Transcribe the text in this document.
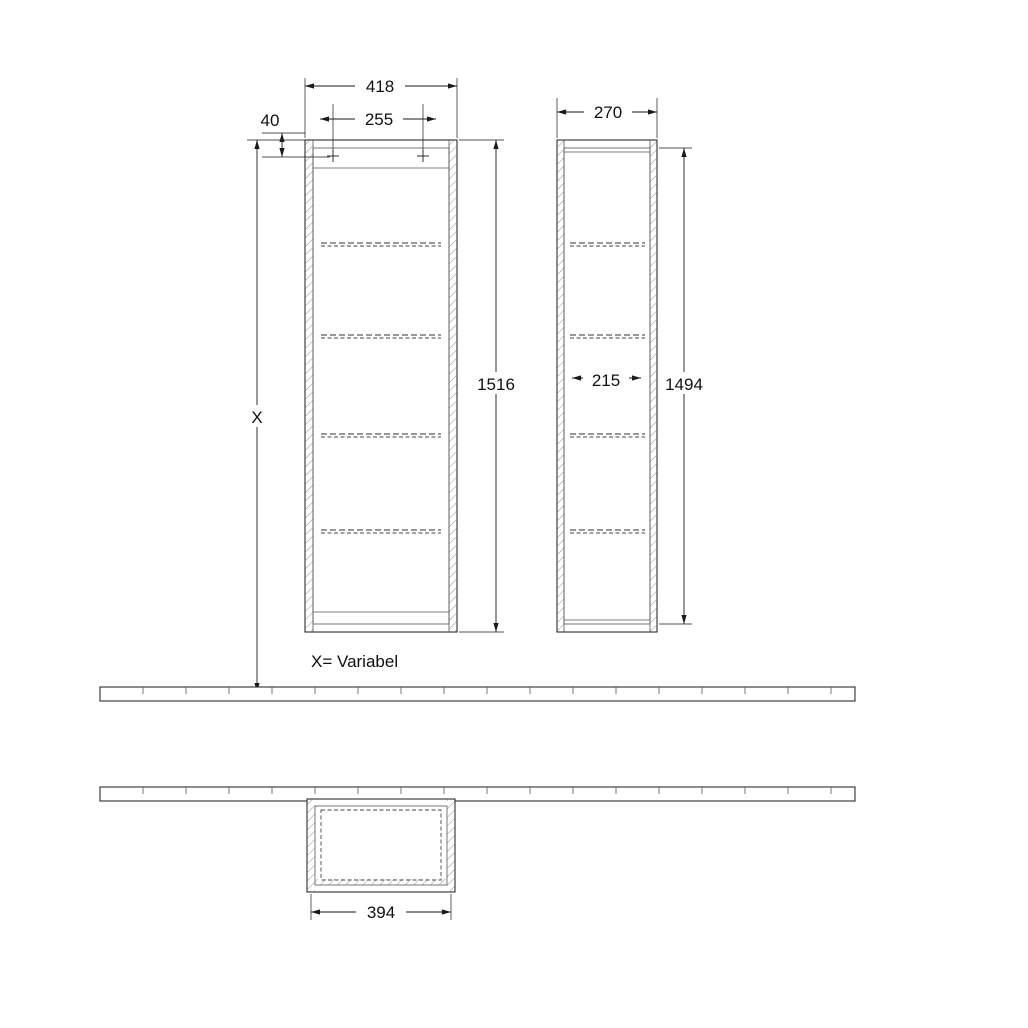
418
255
40
1516
X
X= Variabel
270
215	1494
394
